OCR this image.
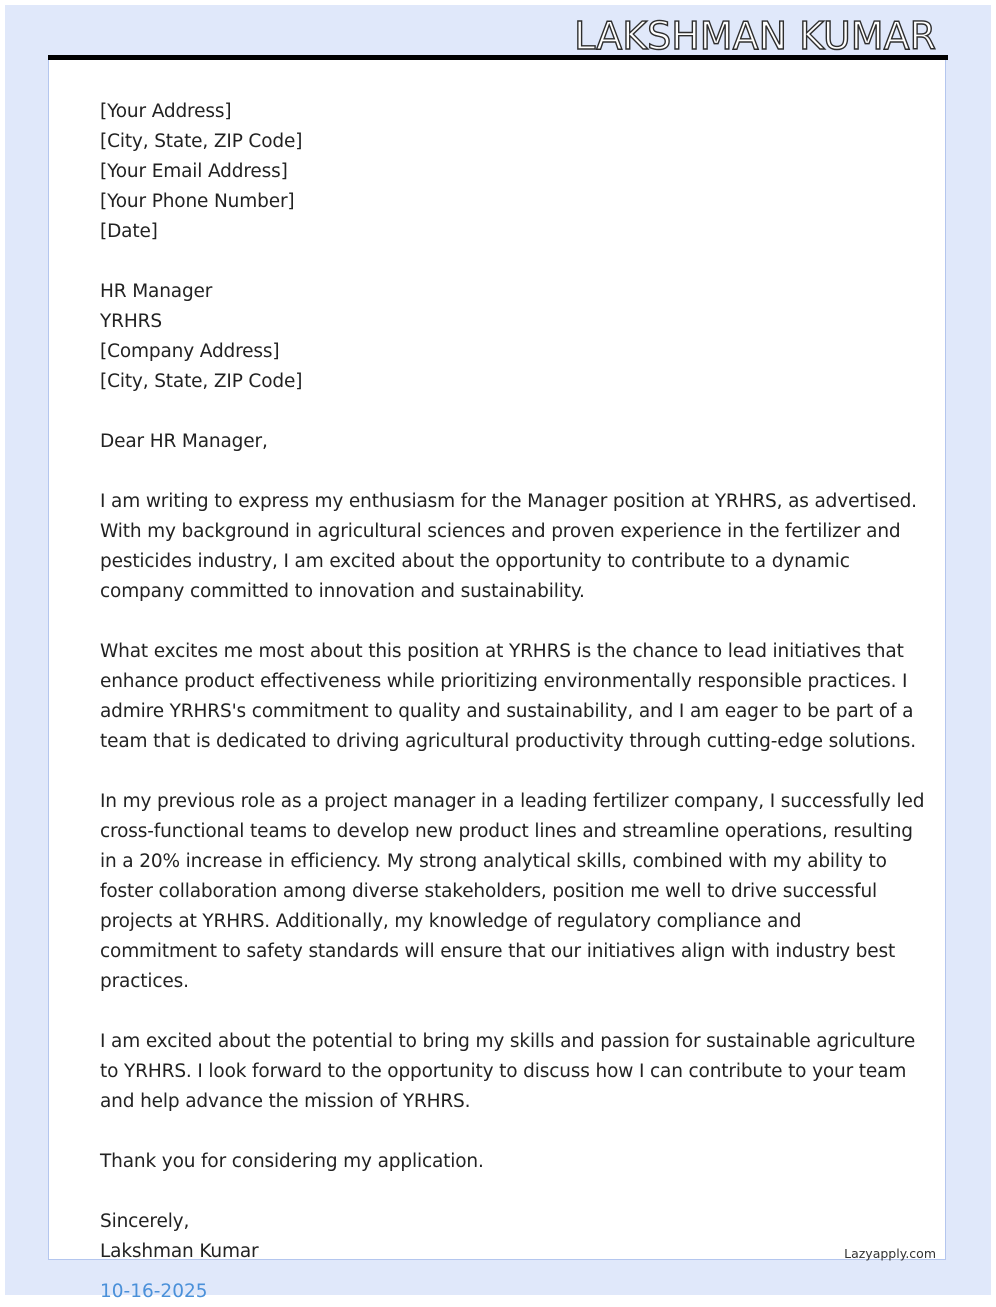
LAKSHMAN KUMAR
[Your Address]
[City, State, ZIP Code]
[Your Email Address]
[Your Phone Number]
[Date]
HR Manager
YRHRS
[Company Address]
[City, State, ZIP Code]
Dear HR Manager,
I am writing to express my enthusiasm for the Manager position at YRHRS, as advertised.
With my background in agricultural sciences and proven experience in the fertilizer and
pesticides industry, I am excited about the opportunity to contribute to a dynamic
company committed to innovation and sustainability.
What excites me most about this position at YRHRS is the chance to lead initiatives that
enhance product effectiveness while prioritizing environmentally responsible practices. I
admire YRHRS's commitment to quality and sustainability, and I am eager to be part of a
team that is dedicated to driving agricultural productivity through cutting-edge solutions.
In my previous role as a project manager in a leading fertilizer company, I successfully led
cross-functional teams to develop new product lines and streamline operations, resulting
in a 20% increase in efficiency. My strong analytical skills, combined with my ability to
foster collaboration among diverse stakeholders, position me well to drive successful
projects at YRHRS. Additionally, my knowledge of regulatory compliance and
commitment to safety standards will ensure that our initiatives align with industry best
practices.
I am excited about the potential to bring my skills and passion for sustainable agriculture
to YRHRS. I look forward to the opportunity to discuss how I can contribute to your team
and help advance the mission of YRHRS.
Thank you for considering my application.
Sincerely,
Lakshman Kumar	Lazyapply.com
10-16-2025
